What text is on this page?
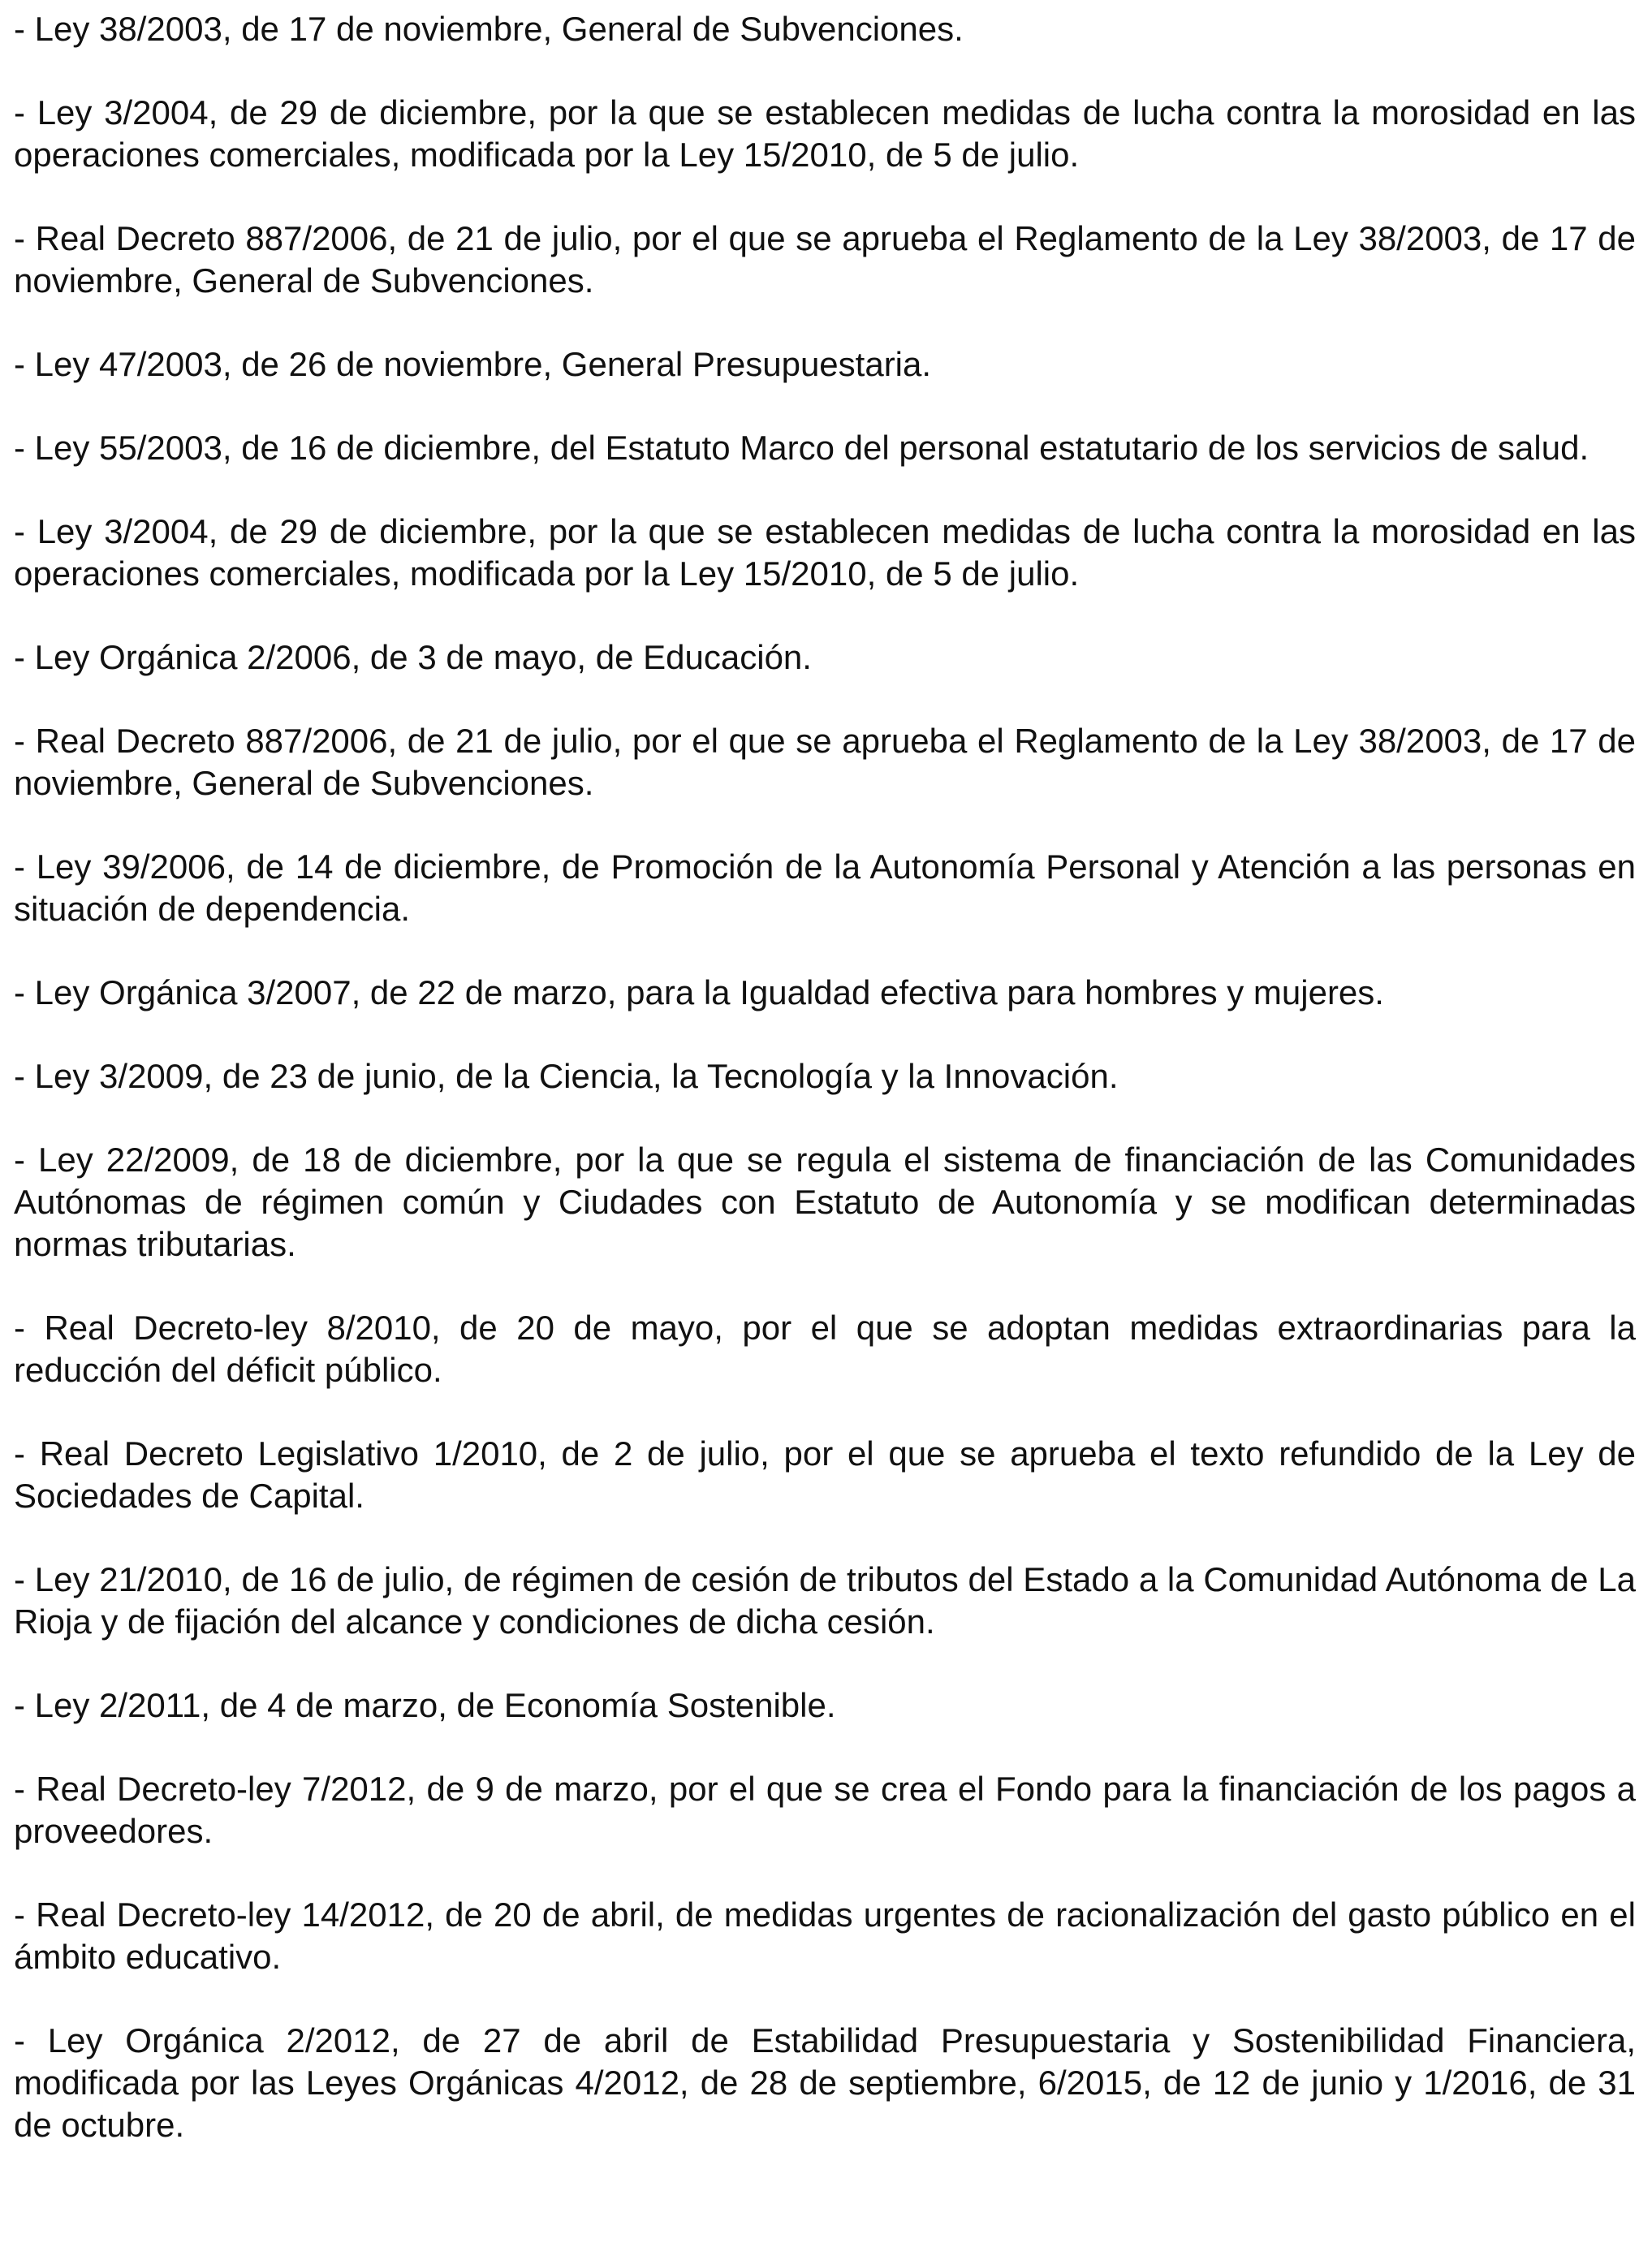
- Ley 38/2003, de 17 de noviembre, General de Subvenciones.

- Ley 3/2004, de 29 de diciembre, por la que se establecen medidas de lucha contra la morosidad en las operaciones comerciales, modificada por la Ley 15/2010, de 5 de julio.

- Real Decreto 887/2006, de 21 de julio, por el que se aprueba el Reglamento de la Ley 38/2003, de 17 de noviembre, General de Subvenciones.

- Ley 47/2003, de 26 de noviembre, General Presupuestaria.

- Ley 55/2003, de 16 de diciembre, del Estatuto Marco del personal estatutario de los servicios de salud.

- Ley 3/2004, de 29 de diciembre, por la que se establecen medidas de lucha contra la morosidad en las operaciones comerciales, modificada por la Ley 15/2010, de 5 de julio.

- Ley Orgánica 2/2006, de 3 de mayo, de Educación.

- Real Decreto 887/2006, de 21 de julio, por el que se aprueba el Reglamento de la Ley 38/2003, de 17 de noviembre, General de Subvenciones.

- Ley 39/2006, de 14 de diciembre, de Promoción de la Autonomía Personal y Atención a las personas en situación de dependencia.

- Ley Orgánica 3/2007, de 22 de marzo, para la Igualdad efectiva para hombres y mujeres.

- Ley 3/2009, de 23 de junio, de la Ciencia, la Tecnología y la Innovación.

- Ley 22/2009, de 18 de diciembre, por la que se regula el sistema de financiación de las Comunidades Autónomas de régimen común y Ciudades con Estatuto de Autonomía y se modifican determinadas normas tributarias.

- Real Decreto-ley 8/2010, de 20 de mayo, por el que se adoptan medidas extraordinarias para la reducción del déficit público.

- Real Decreto Legislativo 1/2010, de 2 de julio, por el que se aprueba el texto refundido de la Ley de Sociedades de Capital.

- Ley 21/2010, de 16 de julio, de régimen de cesión de tributos del Estado a la Comunidad Autónoma de La Rioja y de fijación del alcance y condiciones de dicha cesión.

- Ley 2/2011, de 4 de marzo, de Economía Sostenible.

- Real Decreto-ley 7/2012, de 9 de marzo, por el que se crea el Fondo para la financiación de los pagos a proveedores.

- Real Decreto-ley 14/2012, de 20 de abril, de medidas urgentes de racionalización del gasto público en el ámbito educativo.

- Ley Orgánica 2/2012, de 27 de abril de Estabilidad Presupuestaria y Sostenibilidad Financiera, modificada por las Leyes Orgánicas 4/2012, de 28 de septiembre, 6/2015, de 12 de junio y 1/2016, de 31 de octubre.
